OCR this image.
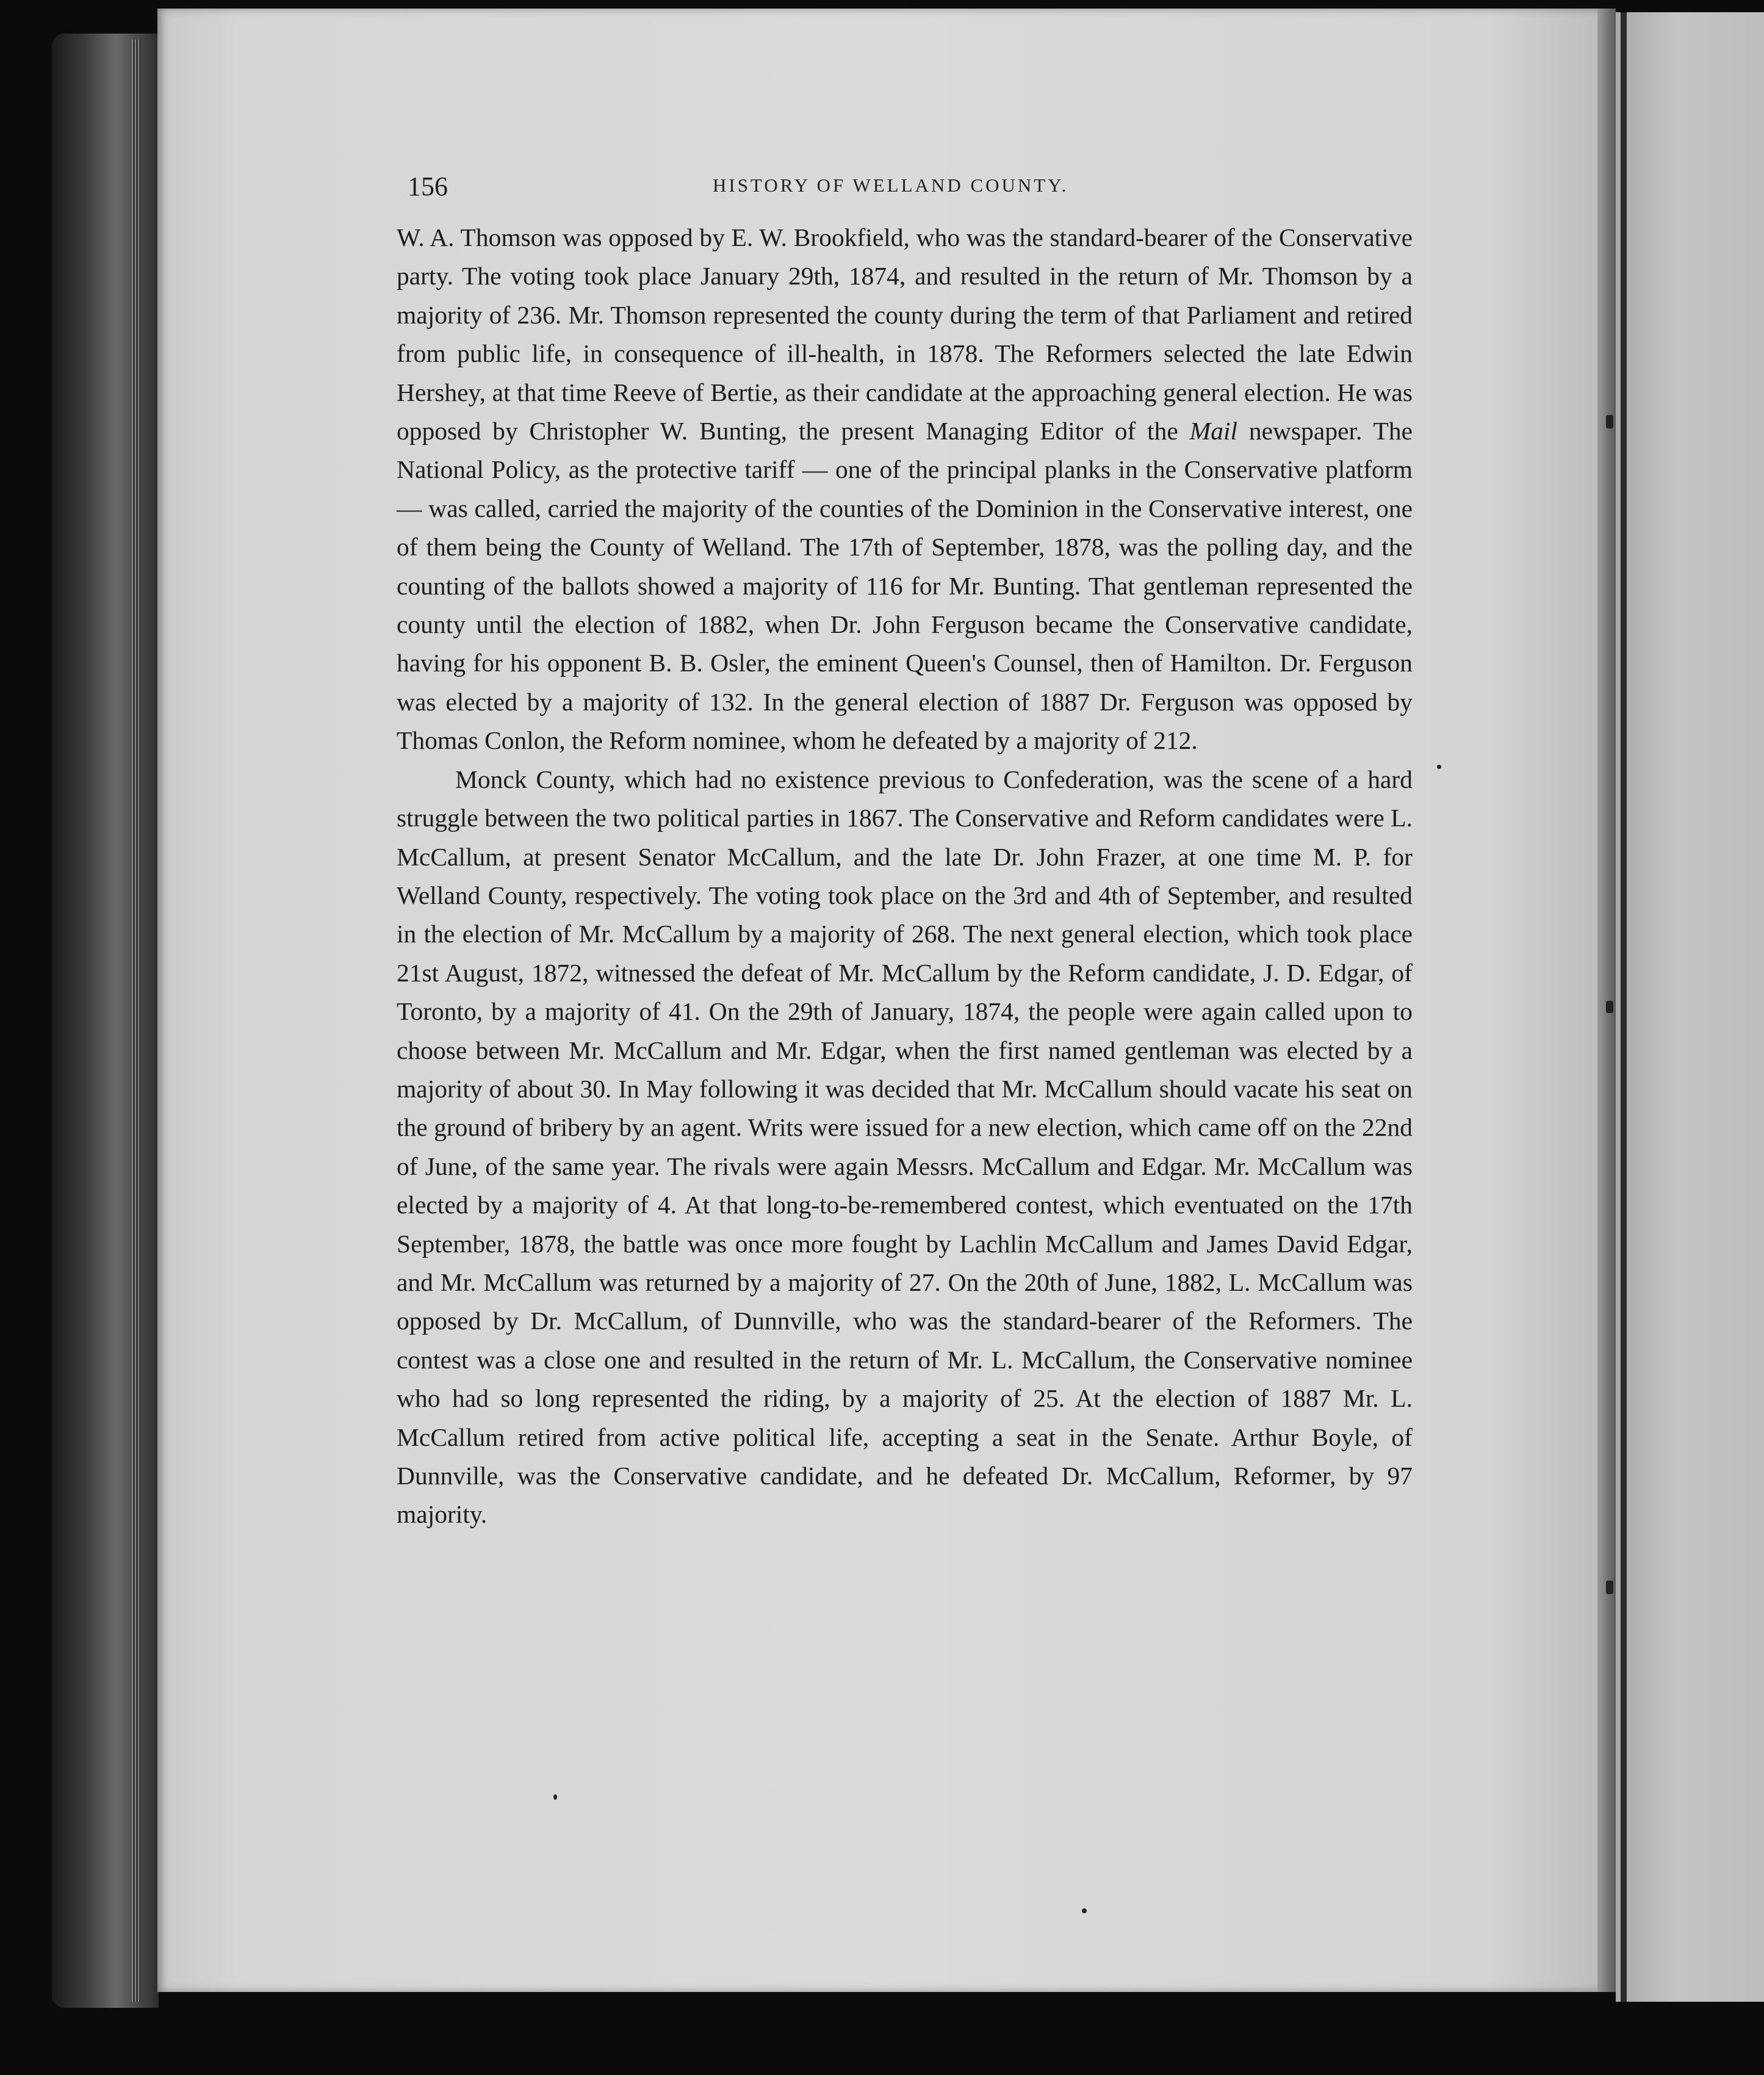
156	HISTORY OF WELLAND COUNTY.

W. A. Thomson was opposed by E. W. Brookfield, who was the standard-bearer of the Conservative party. The voting took place January 29th, 1874, and resulted in the return of Mr. Thomson by a majority of 236. Mr. Thomson represented the county during the term of that Parliament and retired from public life, in consequence of ill-health, in 1878. The Reformers selected the late Edwin Hershey, at that time Reeve of Bertie, as their candidate at the approaching general election. He was opposed by Christopher W. Bunting, the present Managing Editor of the Mail newspaper. The National Policy, as the protective tariff — one of the principal planks in the Conservative platform — was called, carried the majority of the counties of the Dominion in the Conservative interest, one of them being the County of Welland. The 17th of September, 1878, was the polling day, and the counting of the ballots showed a majority of 116 for Mr. Bunting. That gentleman represented the county until the election of 1882, when Dr. John Ferguson became the Conservative candidate, having for his opponent B. B. Osler, the eminent Queen's Counsel, then of Hamilton. Dr. Ferguson was elected by a majority of 132. In the general election of 1887 Dr. Ferguson was opposed by Thomas Conlon, the Reform nominee, whom he defeated by a majority of 212.

Monck County, which had no existence previous to Confederation, was the scene of a hard struggle between the two political parties in 1867. The Conservative and Reform candidates were L. McCallum, at present Senator McCallum, and the late Dr. John Frazer, at one time M. P. for Welland County, respectively. The voting took place on the 3rd and 4th of September, and resulted in the election of Mr. McCallum by a majority of 268. The next general election, which took place 21st August, 1872, witnessed the defeat of Mr. McCallum by the Reform candidate, J. D. Edgar, of Toronto, by a majority of 41. On the 29th of January, 1874, the people were again called upon to choose between Mr. McCallum and Mr. Edgar, when the first named gentleman was elected by a majority of about 30. In May following it was decided that Mr. McCallum should vacate his seat on the ground of bribery by an agent. Writs were issued for a new election, which came off on the 22nd of June, of the same year. The rivals were again Messrs. McCallum and Edgar. Mr. McCallum was elected by a majority of 4. At that long-to-be-remembered contest, which eventuated on the 17th September, 1878, the battle was once more fought by Lachlin McCallum and James David Edgar, and Mr. McCallum was returned by a majority of 27. On the 20th of June, 1882, L. McCallum was opposed by Dr. McCallum, of Dunnville, who was the standard-bearer of the Reformers. The contest was a close one and resulted in the return of Mr. L. McCallum, the Conservative nominee who had so long represented the riding, by a majority of 25. At the election of 1887 Mr. L. McCallum retired from active political life, accepting a seat in the Senate. Arthur Boyle, of Dunnville, was the Conservative candidate, and he defeated Dr. McCallum, Reformer, by 97 majority.
